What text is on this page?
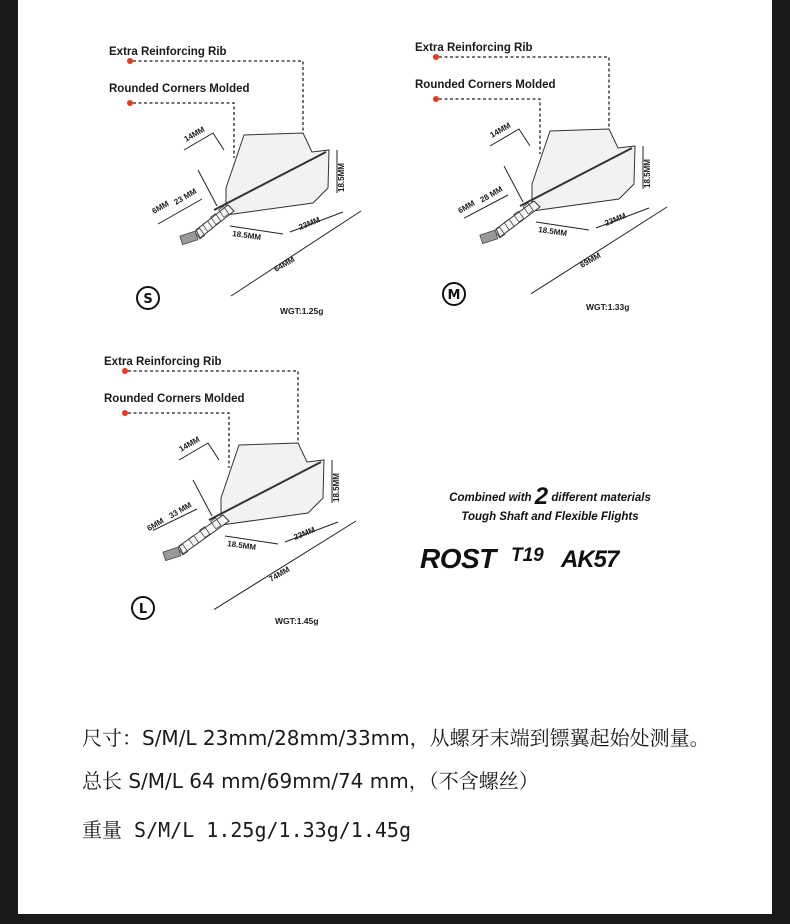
Extra Reinforcing Rib
Rounded Corners Molded
14MM
6MM
23 MM
18.5MM
18.5MM
23MM
64MM
WGT:1.25g
S
Extra Reinforcing Rib
Rounded Corners Molded
14MM
6MM
28 MM
18.5MM
18.5MM
23MM
69MM
WGT:1.33g
M
Extra Reinforcing Rib
Rounded Corners Molded
14MM
6MM
33 MM
18.5MM
18.5MM
23MM
74MM
WGT:1.45g
L
Combined with 2 different materials
Tough Shaft and Flexible Flights
ROST T19 AK57
尺寸：S/M/L 23mm/28mm/33mm，从螺牙末端到镖翼起始处测量。
总长 S/M/L 64 mm/69mm/74 mm，（不含螺丝）
重量 S/M/L 1.25g/1.33g/1.45g
